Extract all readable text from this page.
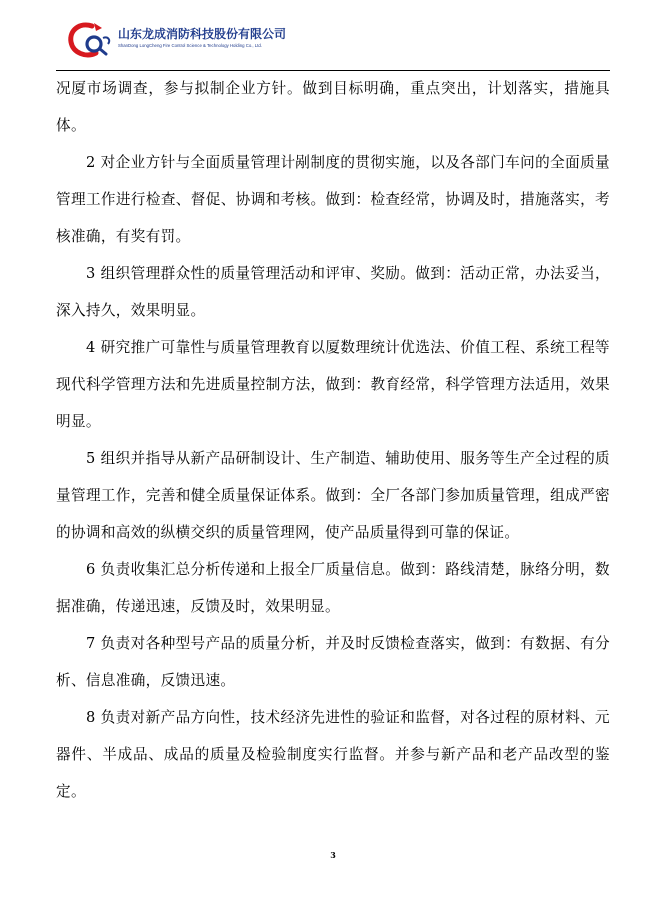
山东龙成消防科技股份有限公司
ShanDong LongCheng Fire Control Science & Technology Holding Co., Ltd.

况厦市场调查，参与拟制企业方针。做到目标明确，重点突出，计划落实，措施具体。

2 对企业方针与全面质量管理计剐制度的贯彻实施，以及各部门车问的全面质量管理工作进行检查、督促、协调和考核。做到：检查经常，协调及时，措施落实，考核准确，有奖有罚。

3 组织管理群众性的质量管理活动和评审、奖励。做到：活动正常，办法妥当，深入持久，效果明显。

4 研究推广可靠性与质量管理教育以厦数理统计优选法、价值工程、系统工程等现代科学管理方法和先进质量控制方法，做到：教育经常，科学管理方法适用，效果明显。

5 组织并指导从新产品研制设计、生产制造、辅助使用、服务等生产全过程的质量管理工作，完善和健全质量保证体系。做到：全厂各部门参加质量管理，组成严密的协调和高效的纵横交织的质量管理网，使产品质量得到可靠的保证。

6 负责收集汇总分析传递和上报全厂质量信息。做到：路线清楚，脉络分明，数据准确，传递迅速，反馈及时，效果明显。

7 负责对各种型号产品的质量分析，并及时反馈检查落实，做到：有数据、有分析、信息准确，反馈迅速。

8 负责对新产品方向性，技术经济先进性的验证和监督，对各过程的原材料、元器件、半成品、成品的质量及检验制度实行监督。并参与新产品和老产品改型的鉴定。

3
